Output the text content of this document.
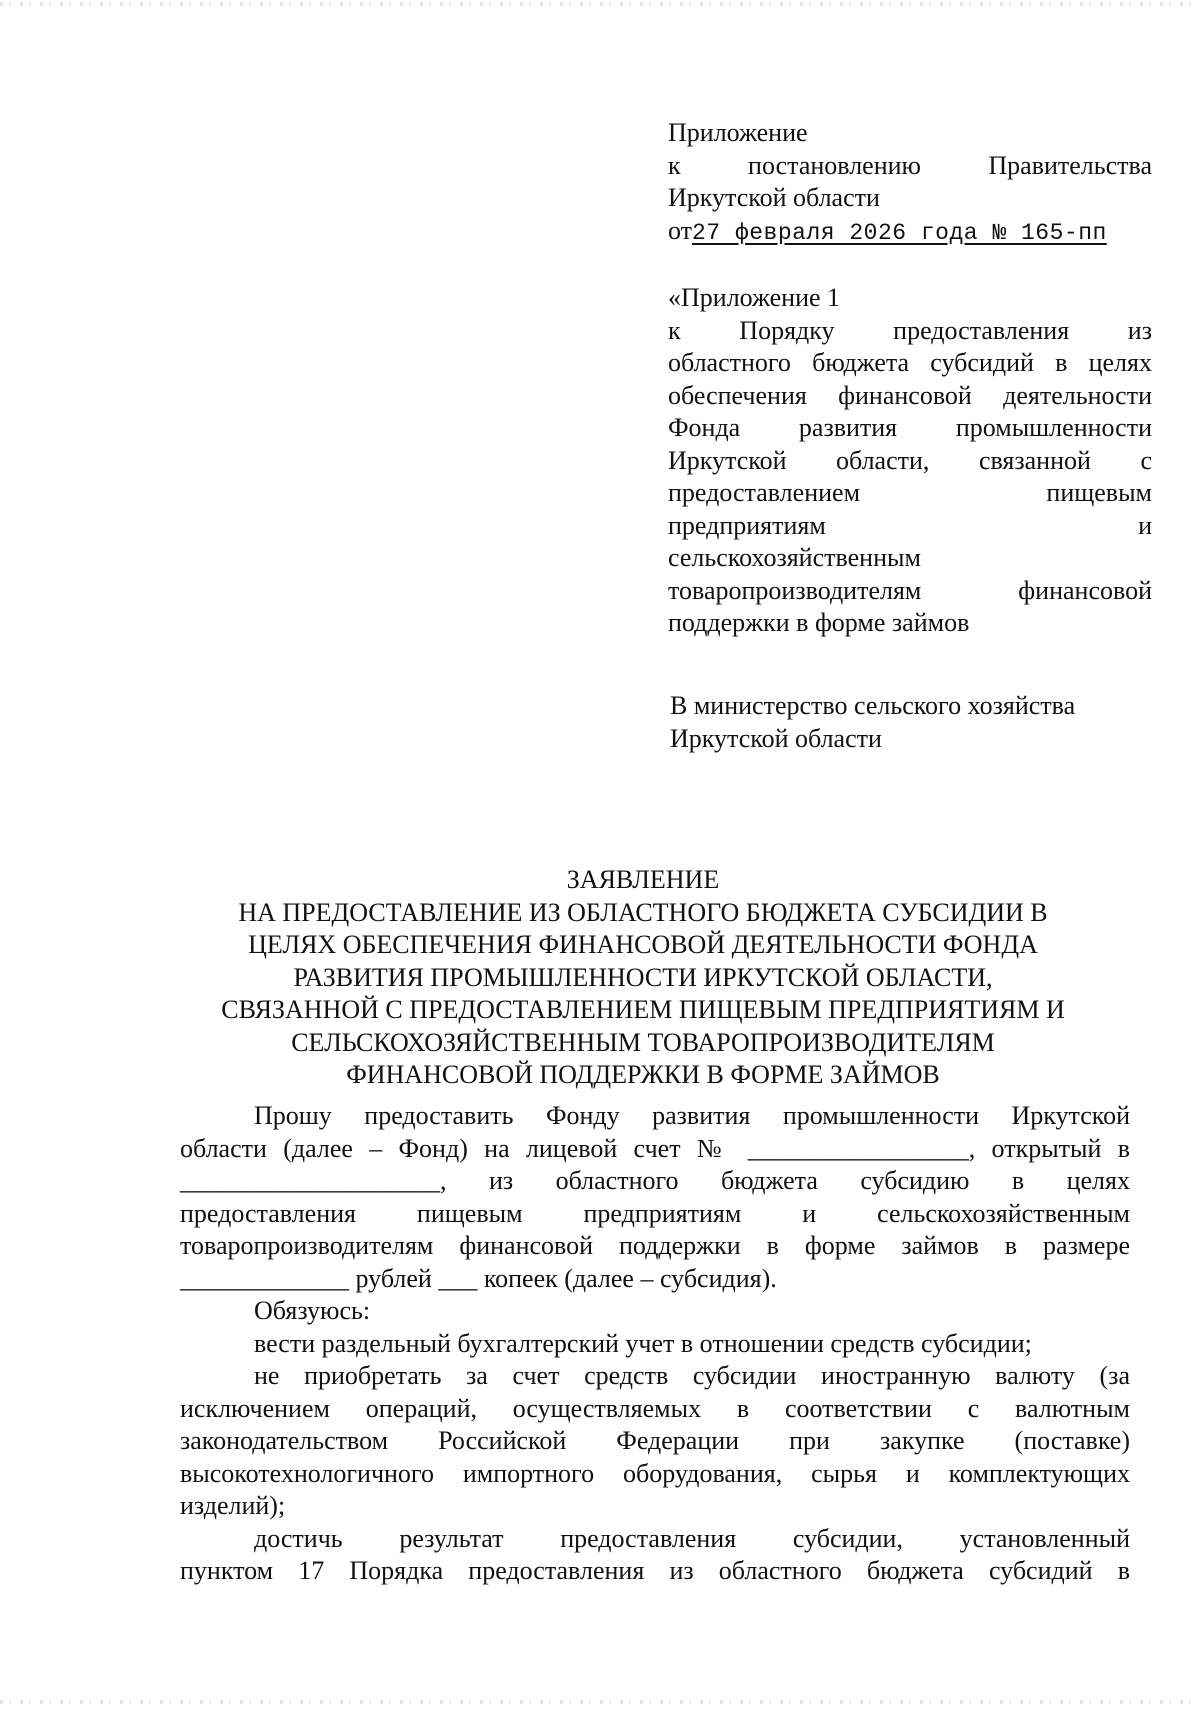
Приложение

к постановлению Правительства

Иркутской области

от27 февраля 2026 года № 165-пп

«Приложение 1

к Порядку предоставления из

областного бюджета субсидий в целях

обеспечения финансовой деятельности

Фонда развития промышленности

Иркутской области, связанной с

предоставлением пищевым

предприятиям и

сельскохозяйственным

товаропроизводителям финансовой

поддержки в форме займов

В министерство сельского хозяйства

Иркутской области

ЗАЯВЛЕНИЕ

НА ПРЕДОСТАВЛЕНИЕ ИЗ ОБЛАСТНОГО БЮДЖЕТА СУБСИДИИ В

ЦЕЛЯХ ОБЕСПЕЧЕНИЯ ФИНАНСОВОЙ ДЕЯТЕЛЬНОСТИ ФОНДА

РАЗВИТИЯ ПРОМЫШЛЕННОСТИ ИРКУТСКОЙ ОБЛАСТИ,

СВЯЗАННОЙ С ПРЕДОСТАВЛЕНИЕМ ПИЩЕВЫМ ПРЕДПРИЯТИЯМ И

СЕЛЬСКОХОЗЯЙСТВЕННЫМ ТОВАРОПРОИЗВОДИТЕЛЯМ

ФИНАНСОВОЙ ПОДДЕРЖКИ В ФОРМЕ ЗАЙМОВ

Прошу предоставить Фонду развития промышленности Иркутской

области (далее – Фонд) на лицевой счет № _________________, открытый в

____________________, из областного бюджета субсидию в целях

предоставления пищевым предприятиям и сельскохозяйственным

товаропроизводителям финансовой поддержки в форме займов в размере

_____________ рублей ___ копеек (далее – субсидия).

Обязуюсь:

вести раздельный бухгалтерский учет в отношении средств субсидии;

не приобретать за счет средств субсидии иностранную валюту (за

исключением операций, осуществляемых в соответствии с валютным

законодательством Российской Федерации при закупке (поставке)

высокотехнологичного импортного оборудования, сырья и комплектующих

изделий);

достичь результат предоставления субсидии, установленный

пунктом 17 Порядка предоставления из областного бюджета субсидий в
